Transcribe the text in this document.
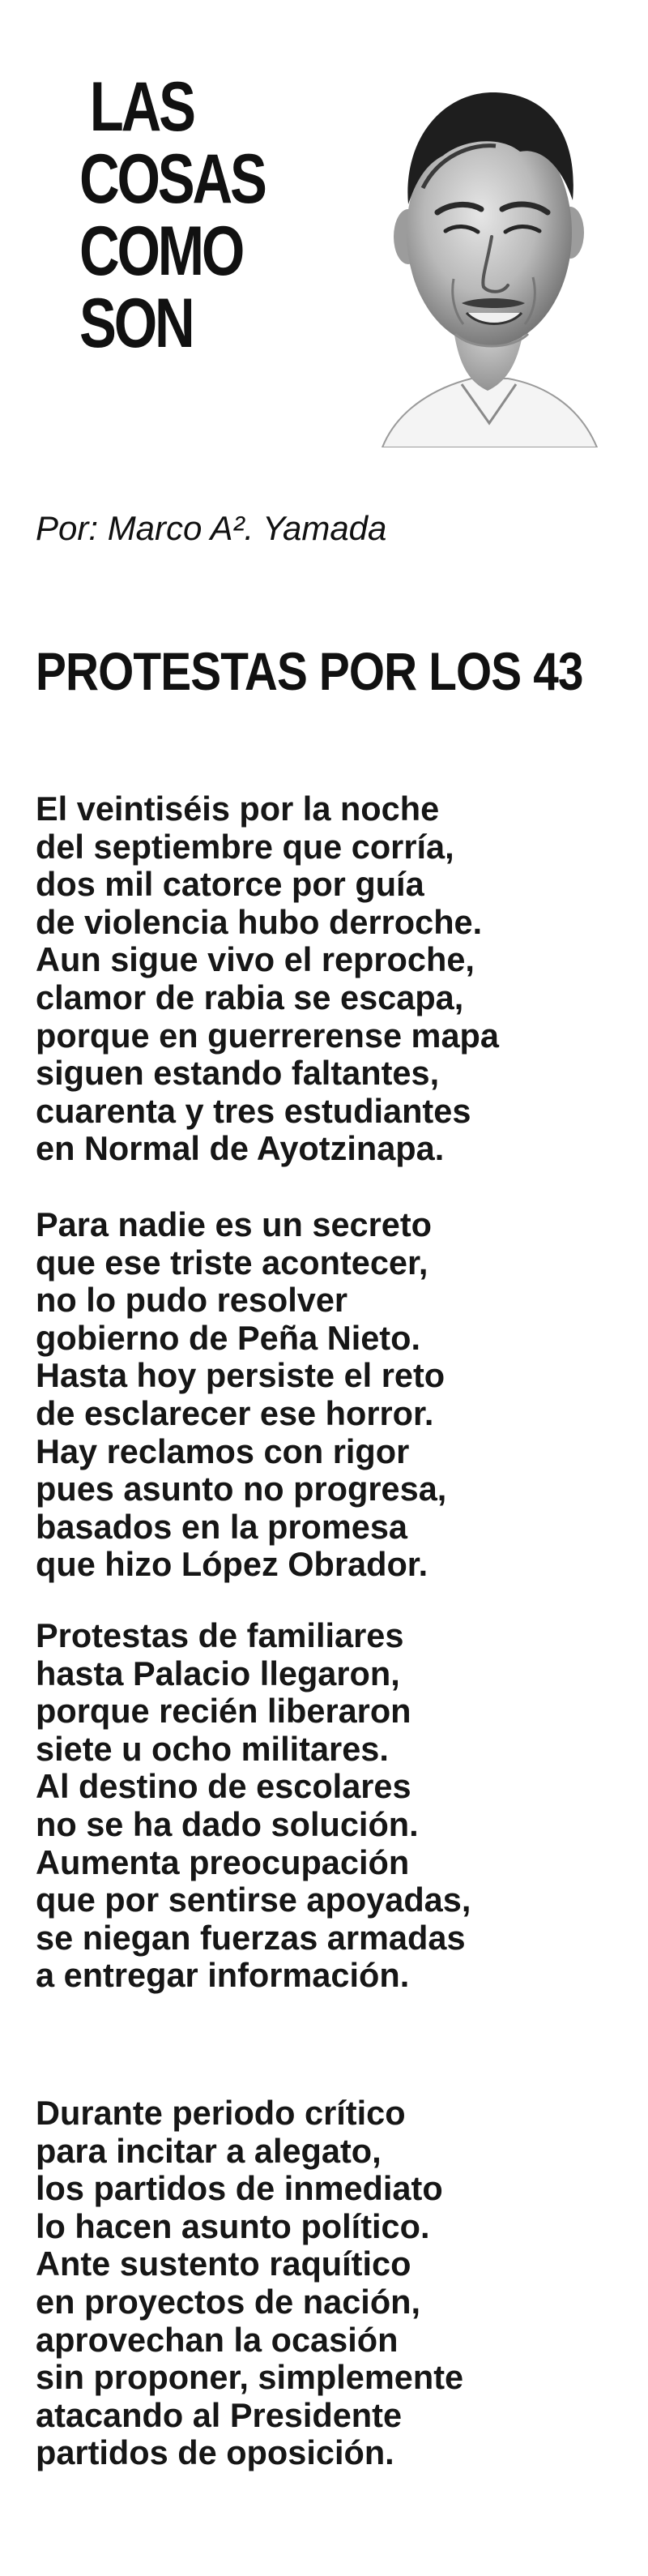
LAS
COSAS
COMO
SON

Por: Marco A². Yamada

PROTESTAS POR LOS 43
El veintiséis por la noche
del septiembre que corría,
dos mil catorce por guía
de violencia hubo derroche.
Aun sigue vivo el reproche,
clamor de rabia se escapa,
porque en guerrerense mapa
siguen estando faltantes,
cuarenta y tres estudiantes
en Normal de Ayotzinapa.
Para nadie es un secreto
que ese triste acontecer,
no lo pudo resolver
gobierno de Peña Nieto.
Hasta hoy persiste el reto
de esclarecer ese horror.
Hay reclamos con rigor
pues asunto no progresa,
basados en la promesa
que hizo López Obrador.
Protestas de familiares
hasta Palacio llegaron,
porque recién liberaron
siete u ocho militares.
Al destino de escolares
no se ha dado solución.
Aumenta preocupación
que por sentirse apoyadas,
se niegan fuerzas armadas
a entregar información.
Durante periodo crítico
para incitar a alegato,
los partidos de inmediato
lo hacen asunto político.
Ante sustento raquítico
en proyectos de nación,
aprovechan la ocasión
sin proponer, simplemente
atacando al Presidente
partidos de oposición.
